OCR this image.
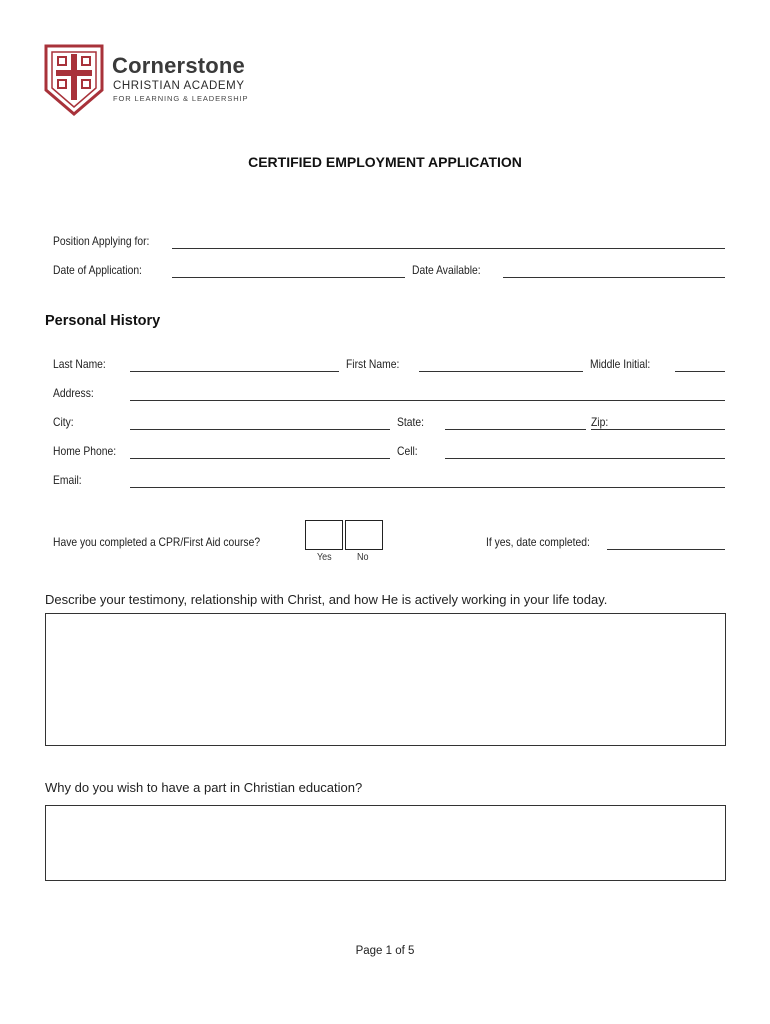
Cornerstone
CHRISTIAN ACADEMY
FOR LEARNING & LEADERSHIP
CERTIFIED EMPLOYMENT APPLICATION
Position Applying for:
Date of Application:	Date Available:
Personal History
Last Name:	First Name:	Middle Initial:
Address:
City:	State:	Zip:
Home Phone:	Cell:
Email:
Have you completed a CPR/First Aid course?
Yes	No
If yes, date completed:
Describe your testimony, relationship with Christ, and how He is actively working in your life today.
Why do you wish to have a part in Christian education?
Page 1 of 5
